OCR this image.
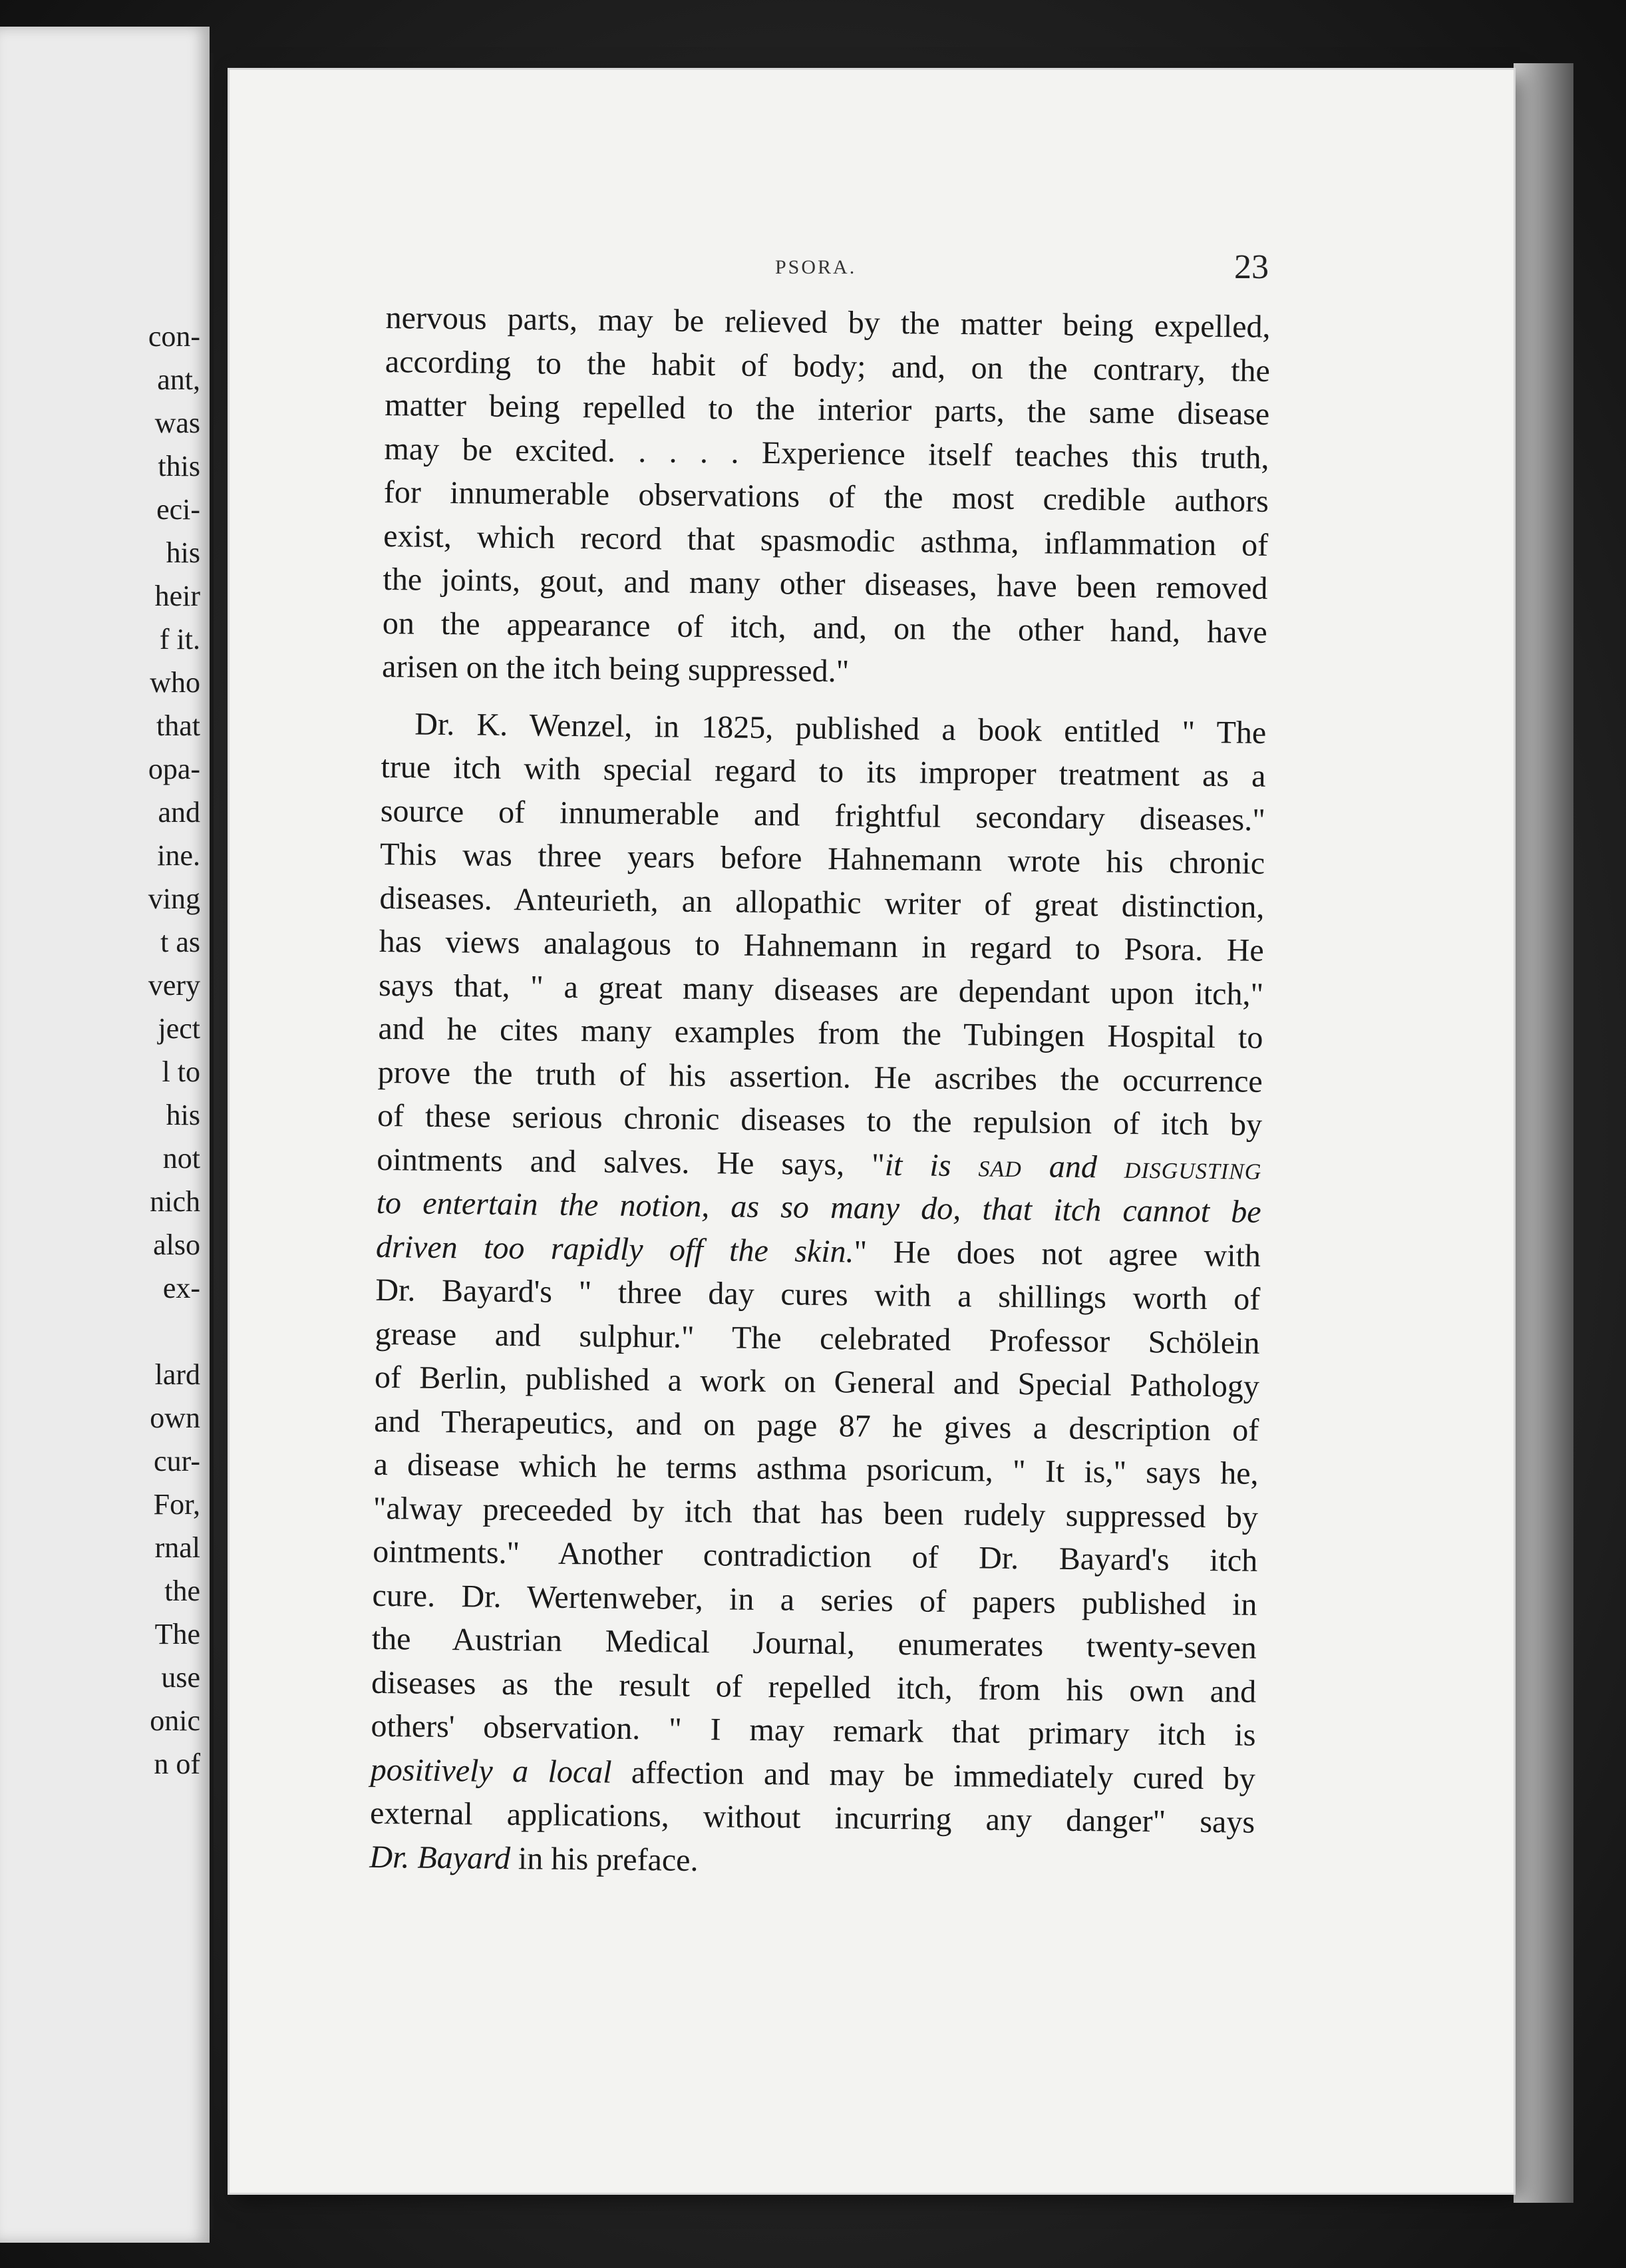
con-
ant,
was
this
eci-
his
heir
f it.
who
that
opa-
and
ine.
ving
t as
very
ject
l to
his
not
nich
also
ex-
lard
own
cur-
For,
rnal
the
The
use
onic
n of
PSORA.	23
nervous parts, may be relieved by the matter being expelled,
according to the habit of body; and, on the contrary, the
matter being repelled to the interior parts, the same disease
may be excited. . . . . Experience itself teaches this truth,
for innumerable observations of the most credible authors
exist, which record that spasmodic asthma, inflammation of
the joints, gout, and many other diseases, have been removed
on the appearance of itch, and, on the other hand, have
arisen on the itch being suppressed."
Dr. K. Wenzel, in 1825, published a book entitled " The
true itch with special regard to its improper treatment as a
source of innumerable and frightful secondary diseases."
This was three years before Hahnemann wrote his chronic
diseases. Anteurieth, an allopathic writer of great distinction,
has views analagous to Hahnemann in regard to Psora. He
says that, " a great many diseases are dependant upon itch,"
and he cites many examples from the Tubingen Hospital to
prove the truth of his assertion. He ascribes the occurrence
of these serious chronic diseases to the repulsion of itch by
ointments and salves. He says, "it is sad and disgusting
to entertain the notion, as so many do, that itch cannot be
driven too rapidly off the skin." He does not agree with
Dr. Bayard's " three day cures with a shillings worth of
grease and sulphur." The celebrated Professor Schölein
of Berlin, published a work on General and Special Pathology
and Therapeutics, and on page 87 he gives a description of
a disease which he terms asthma psoricum, " It is," says he,
"alway preceeded by itch that has been rudely suppressed by
ointments." Another contradiction of Dr. Bayard's itch
cure. Dr. Wertenweber, in a series of papers published in
the Austrian Medical Journal, enumerates twenty-seven
diseases as the result of repelled itch, from his own and
others' observation. " I may remark that primary itch is
positively a local affection and may be immediately cured by
external applications, without incurring any danger" says
Dr. Bayard in his preface.
